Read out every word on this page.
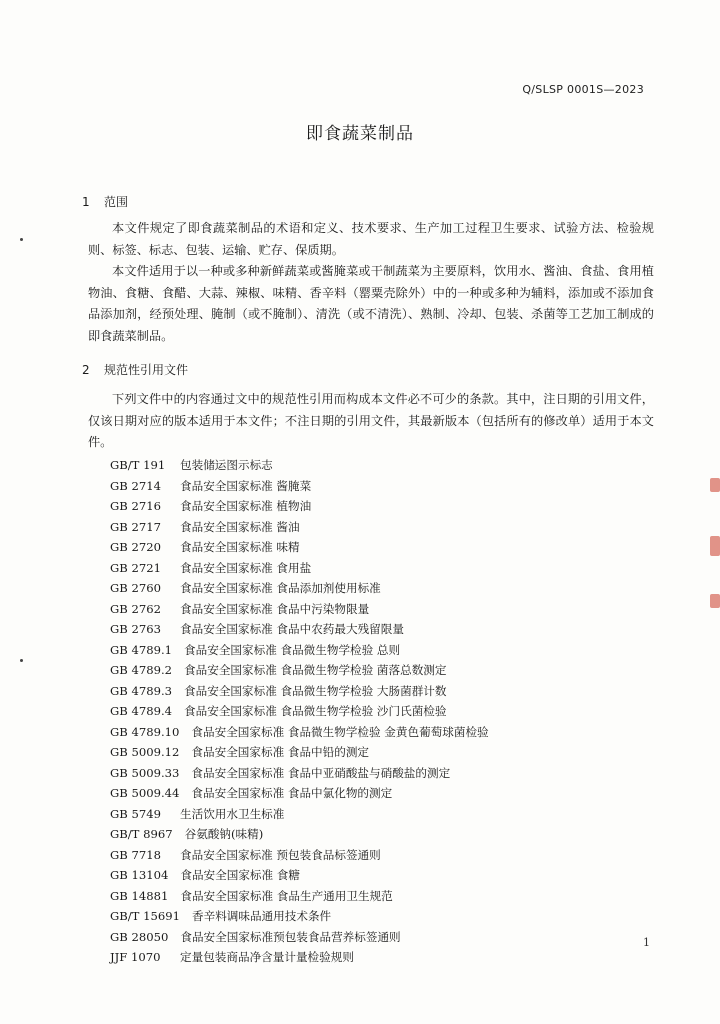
Q/SLSP 0001S—2023
即食蔬菜制品
1 范围
本文件规定了即食蔬菜制品的术语和定义、技术要求、生产加工过程卫生要求、试验方法、检验规则、标签、标志、包装、运输、贮存、保质期。
本文件适用于以一种或多种新鲜蔬菜或酱腌菜或干制蔬菜为主要原料，饮用水、酱油、食盐、食用植物油、食糖、食醋、大蒜、辣椒、味精、香辛料（罂粟壳除外）中的一种或多种为辅料，添加或不添加食品添加剂，经预处理、腌制（或不腌制）、清洗（或不清洗）、熟制、冷却、包装、杀菌等工艺加工制成的即食蔬菜制品。
2 规范性引用文件
下列文件中的内容通过文中的规范性引用而构成本文件必不可少的条款。其中，注日期的引用文件，仅该日期对应的版本适用于本文件；不注日期的引用文件，其最新版本（包括所有的修改单）适用于本文件。
GB/T 191 包装储运图示标志
GB 2714 食品安全国家标准 酱腌菜
GB 2716 食品安全国家标准 植物油
GB 2717 食品安全国家标准 酱油
GB 2720 食品安全国家标准 味精
GB 2721 食品安全国家标准 食用盐
GB 2760 食品安全国家标准 食品添加剂使用标准
GB 2762 食品安全国家标准 食品中污染物限量
GB 2763 食品安全国家标准 食品中农药最大残留限量
GB 4789.1 食品安全国家标准 食品微生物学检验 总则
GB 4789.2 食品安全国家标准 食品微生物学检验 菌落总数测定
GB 4789.3 食品安全国家标准 食品微生物学检验 大肠菌群计数
GB 4789.4 食品安全国家标准 食品微生物学检验 沙门氏菌检验
GB 4789.10 食品安全国家标准 食品微生物学检验 金黄色葡萄球菌检验
GB 5009.12 食品安全国家标准 食品中铅的测定
GB 5009.33 食品安全国家标准 食品中亚硝酸盐与硝酸盐的测定
GB 5009.44 食品安全国家标准 食品中氯化物的测定
GB 5749 生活饮用水卫生标准
GB/T 8967 谷氨酸钠(味精)
GB 7718 食品安全国家标准 预包装食品标签通则
GB 13104 食品安全国家标准 食糖
GB 14881 食品安全国家标准 食品生产通用卫生规范
GB/T 15691 香辛料调味品通用技术条件
GB 28050 食品安全国家标准预包装食品营养标签通则
JJF 1070 定量包装商品净含量计量检验规则
1
